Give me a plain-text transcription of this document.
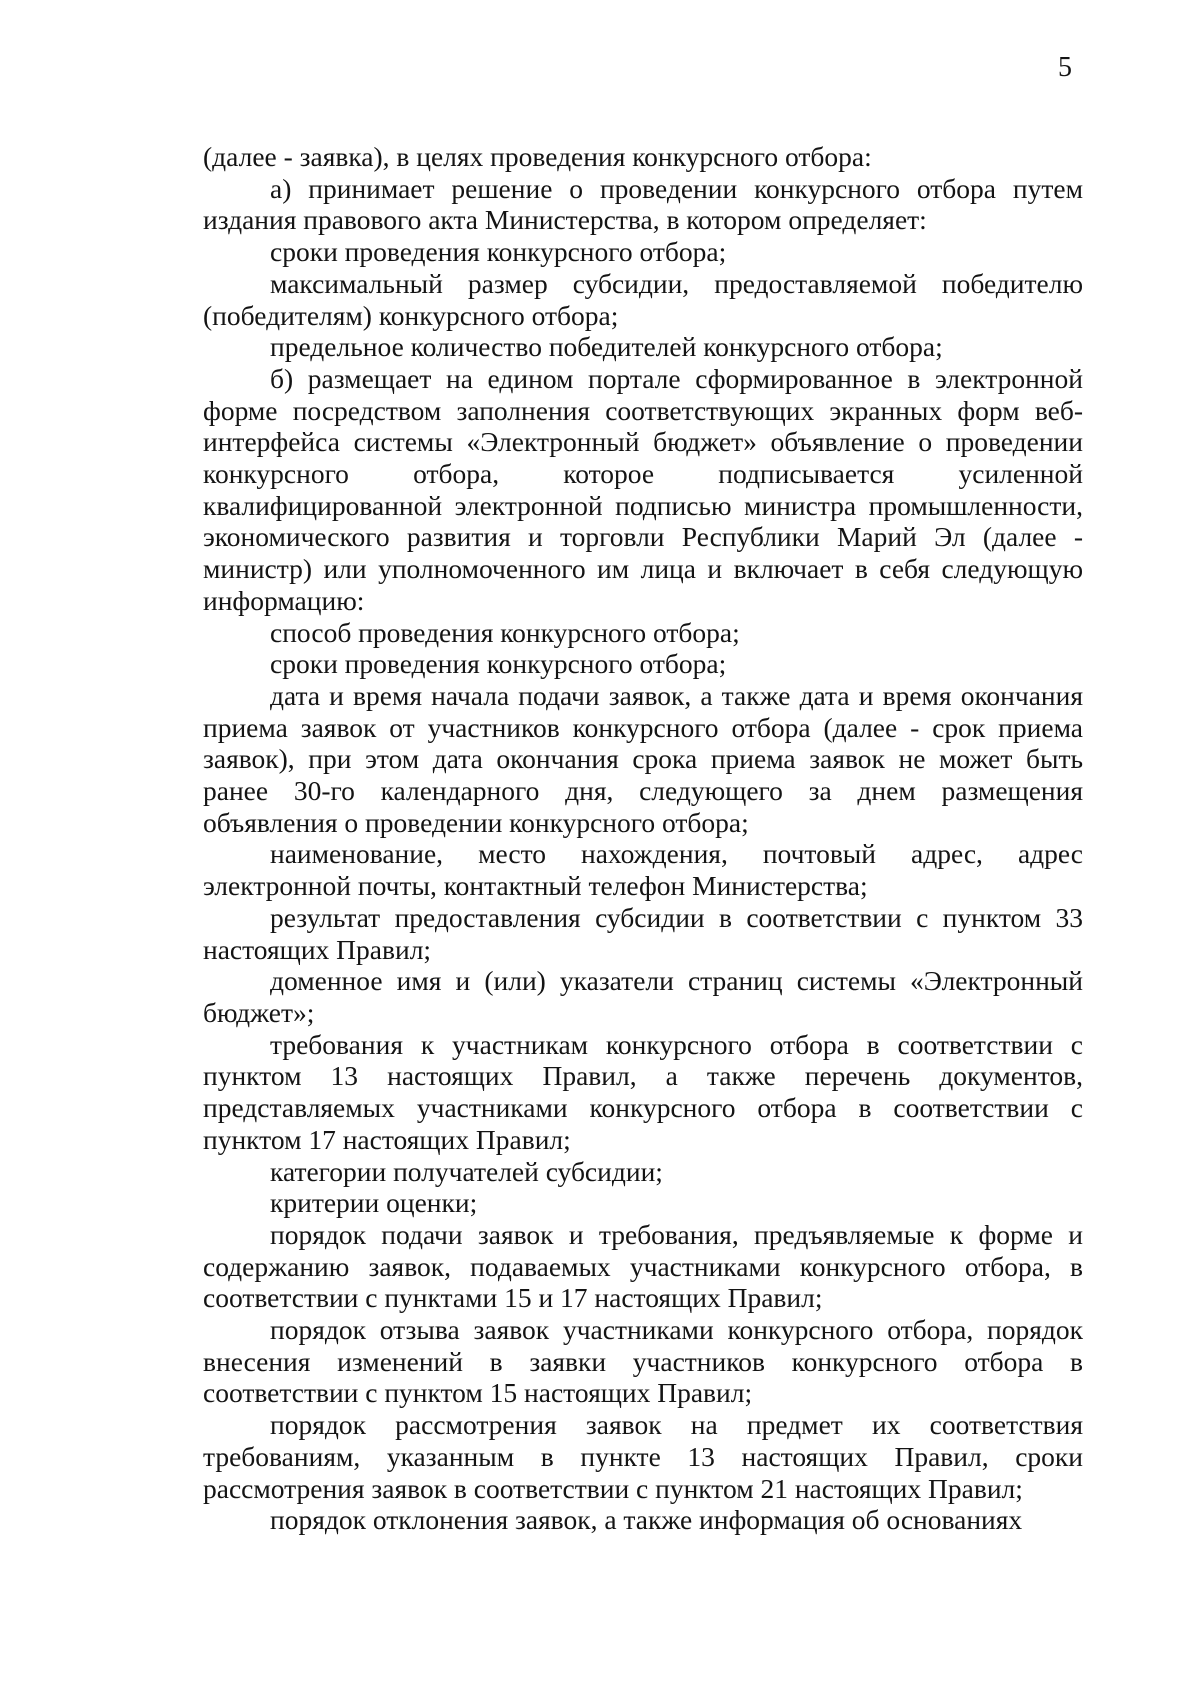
5

(далее - заявка), в целях проведения конкурсного отбора:

а) принимает решение о проведении конкурсного отбора путем издания правового акта Министерства, в котором определяет:

сроки проведения конкурсного отбора;

максимальный размер субсидии, предоставляемой победителю (победителям) конкурсного отбора;

предельное количество победителей конкурсного отбора;

б) размещает на едином портале сформированное в электронной форме посредством заполнения соответствующих экранных форм веб-интерфейса системы «Электронный бюджет» объявление о проведении конкурсного отбора, которое подписывается усиленной квалифицированной электронной подписью министра промышленности, экономического развития и торговли Республики Марий Эл (далее - министр) или уполномоченного им лица и включает в себя следующую информацию:

способ проведения конкурсного отбора;

сроки проведения конкурсного отбора;

дата и время начала подачи заявок, а также дата и время окончания приема заявок от участников конкурсного отбора (далее - срок приема заявок), при этом дата окончания срока приема заявок не может быть ранее 30-го календарного дня, следующего за днем размещения объявления о проведении конкурсного отбора;

наименование, место нахождения, почтовый адрес, адрес электронной почты, контактный телефон Министерства;

результат предоставления субсидии в соответствии с пунктом 33 настоящих Правил;

доменное имя и (или) указатели страниц системы «Электронный бюджет»;

требования к участникам конкурсного отбора в соответствии с пунктом 13 настоящих Правил, а также перечень документов, представляемых участниками конкурсного отбора в соответствии с пунктом 17 настоящих Правил;

категории получателей субсидии;

критерии оценки;

порядок подачи заявок и требования, предъявляемые к форме и содержанию заявок, подаваемых участниками конкурсного отбора, в соответствии с пунктами 15 и 17 настоящих Правил;

порядок отзыва заявок участниками конкурсного отбора, порядок внесения изменений в заявки участников конкурсного отбора в соответствии с пунктом 15 настоящих Правил;

порядок рассмотрения заявок на предмет их соответствия требованиям, указанным в пункте 13 настоящих Правил, сроки рассмотрения заявок в соответствии с пунктом 21 настоящих Правил;

порядок отклонения заявок, а также информация об основаниях
